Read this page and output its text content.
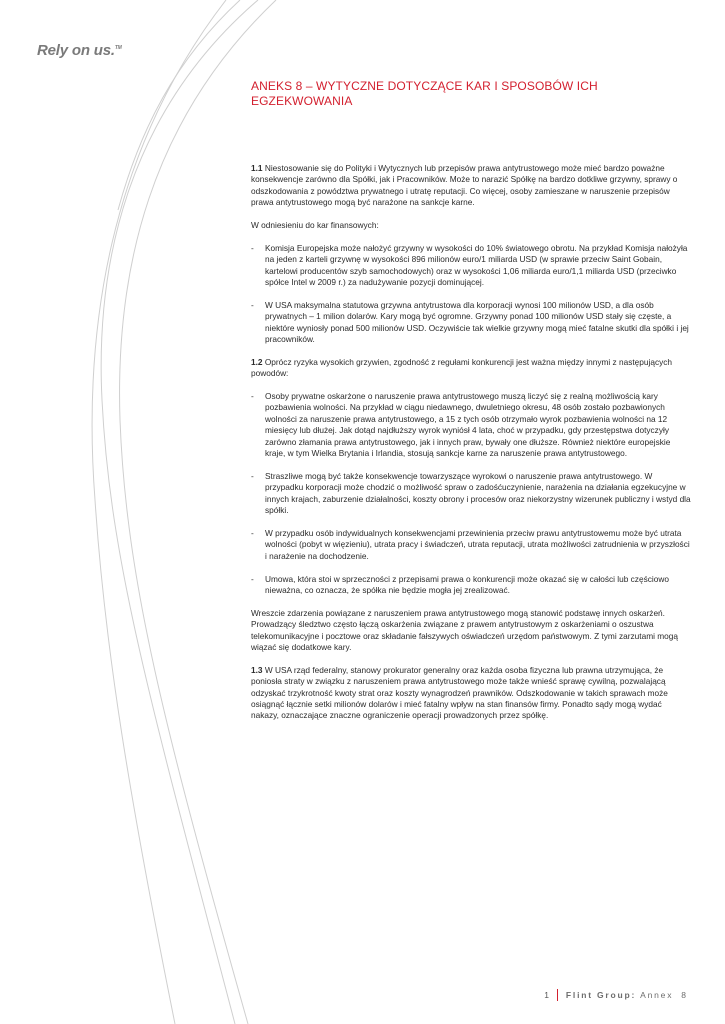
Rely on us.™
ANEKS 8 – WYTYCZNE DOTYCZĄCE KAR I SPOSOBÓW ICH EGZEKWOWANIA

1.1 Niestosowanie się do Polityki i Wytycznych lub przepisów prawa antytrustowego może mieć bardzo poważne konsekwencje zarówno dla Spółki, jak i Pracowników. Może to narazić Spółkę na bardzo dotkliwe grzywny, sprawy o odszkodowania z powództwa prywatnego i utratę reputacji. Co więcej, osoby zamieszane w naruszenie przepisów prawa antytrustowego mogą być narażone na sankcje karne.

W odniesieniu do kar finansowych:

- Komisja Europejska może nałożyć grzywny w wysokości do 10% światowego obrotu. Na przykład Komisja nałożyła na jeden z karteli grzywnę w wysokości 896 milionów euro/1 miliarda USD (w sprawie przeciw Saint Gobain, kartelowi producentów szyb samochodowych) oraz w wysokości 1,06 miliarda euro/1,1 miliarda USD (przeciwko spółce Intel w 2009 r.) za nadużywanie pozycji dominującej.
- W USA maksymalna statutowa grzywna antytrustowa dla korporacji wynosi 100 milionów USD, a dla osób prywatnych – 1 milion dolarów. Kary mogą być ogromne. Grzywny ponad 100 milionów USD stały się częste, a niektóre wyniosły ponad 500 milionów USD. Oczywiście tak wielkie grzywny mogą mieć fatalne skutki dla spółki i jej pracowników.

1.2 Oprócz ryzyka wysokich grzywien, zgodność z regułami konkurencji jest ważna między innymi z następujących powodów:

- Osoby prywatne oskarżone o naruszenie prawa antytrustowego muszą liczyć się z realną możliwością kary pozbawienia wolności. Na przykład w ciągu niedawnego, dwuletniego okresu, 48 osób zostało pozbawionych wolności za naruszenie prawa antytrustowego, a 15 z tych osób otrzymało wyrok pozbawienia wolności na 12 miesięcy lub dłużej. Jak dotąd najdłuższy wyrok wyniósł 4 lata, choć w przypadku, gdy przestępstwa dotyczyły zarówno złamania prawa antytrustowego, jak i innych praw, bywały one dłuższe. Również niektóre europejskie kraje, w tym Wielka Brytania i Irlandia, stosują sankcje karne za naruszenie prawa antytrustowego.
- Straszliwe mogą być także konsekwencje towarzyszące wyrokowi o naruszenie prawa antytrustowego. W przypadku korporacji może chodzić o możliwość spraw o zadośćuczynienie, narażenia na działania egzekucyjne w innych krajach, zaburzenie działalności, koszty obrony i procesów oraz niekorzystny wizerunek publiczny i wstyd dla spółki.
- W przypadku osób indywidualnych konsekwencjami przewinienia przeciw prawu antytrustowemu może być utrata wolności (pobyt w więzieniu), utrata pracy i świadczeń, utrata reputacji, utrata możliwości zatrudnienia w przyszłości i narażenie na dochodzenie.
- Umowa, która stoi w sprzeczności z przepisami prawa o konkurencji może okazać się w całości lub częściowo nieważna, co oznacza, że spółka nie będzie mogła jej zrealizować.

Wreszcie zdarzenia powiązane z naruszeniem prawa antytrustowego mogą stanowić podstawę innych oskarżeń. Prowadzący śledztwo często łączą oskarżenia związane z prawem antytrustowym z oskarżeniami o oszustwa telekomunikacyjne i pocztowe oraz składanie fałszywych oświadczeń urzędom państwowym. Z tymi zarzutami mogą wiązać się dodatkowe kary.

1.3 W USA rząd federalny, stanowy prokurator generalny oraz każda osoba fizyczna lub prawna utrzymująca, że poniosła straty w związku z naruszeniem prawa antytrustowego może także wnieść sprawę cywilną, pozwalającą odzyskać trzykrotność kwoty strat oraz koszty wynagrodzeń prawników. Odszkodowanie w takich sprawach może osiągnąć łącznie setki milionów dolarów i mieć fatalny wpływ na stan finansów firmy. Ponadto sądy mogą wydać nakazy, oznaczające znaczne ograniczenie operacji prowadzonych przez spółkę.

1 Flint Group: Annex 8
